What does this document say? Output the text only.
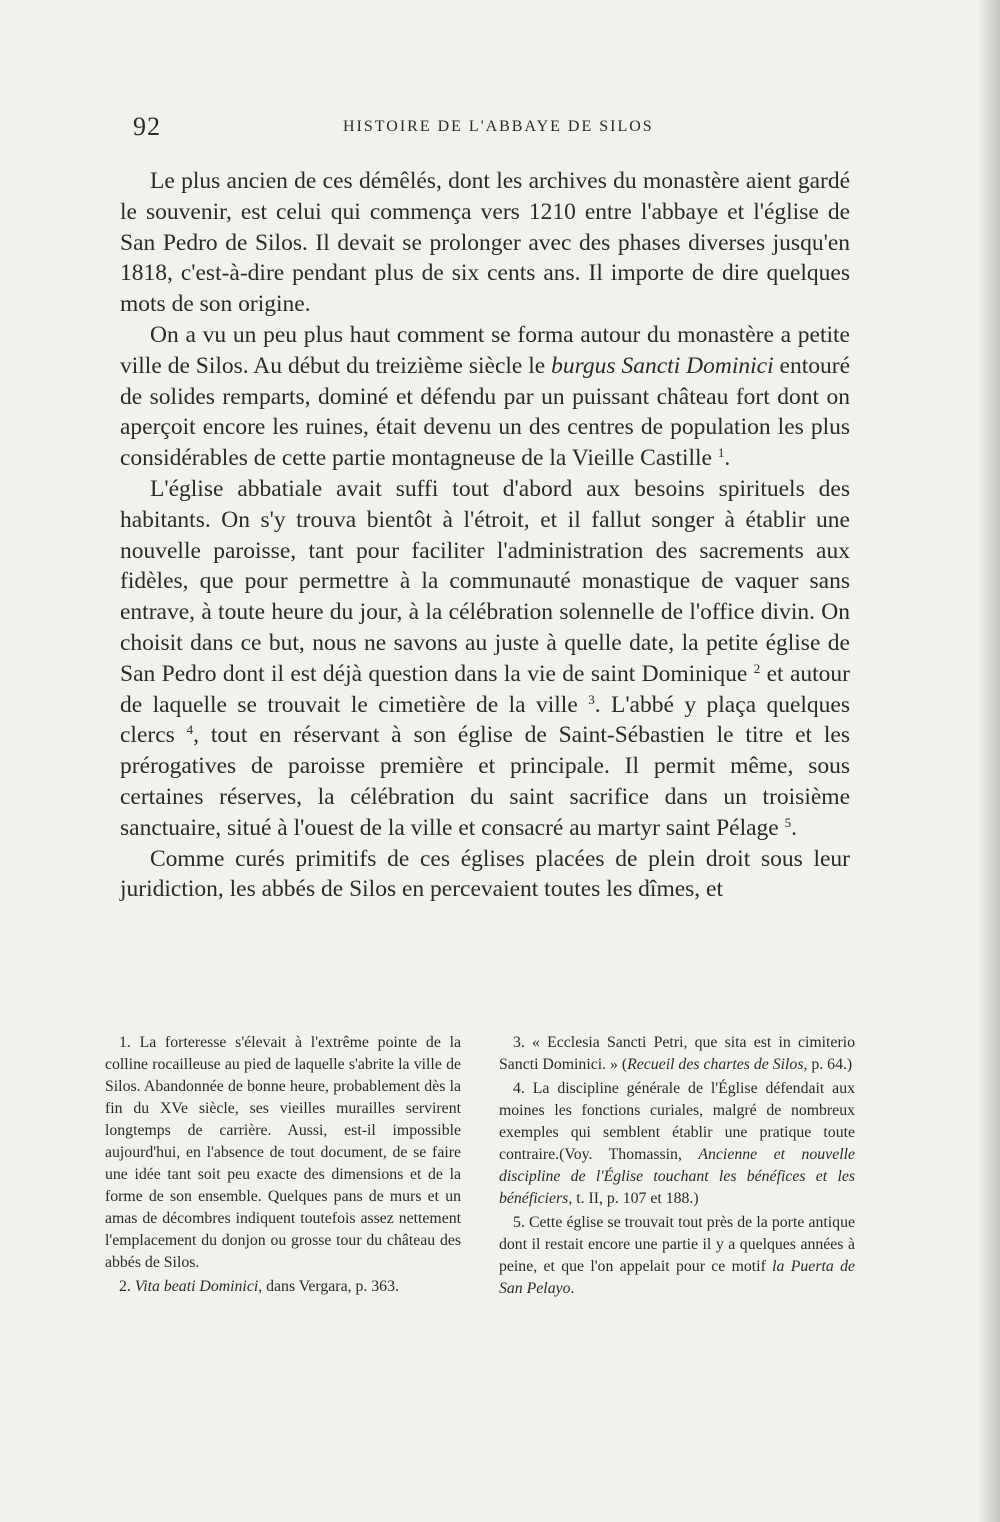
92	HISTOIRE DE L'ABBAYE DE SILOS

Le plus ancien de ces démêlés, dont les archives du monastère aient gardé le souvenir, est celui qui commença vers 1210 entre l'abbaye et l'église de San Pedro de Silos. Il devait se prolonger avec des phases diverses jusqu'en 1818, c'est-à-dire pendant plus de six cents ans. Il importe de dire quelques mots de son origine.

On a vu un peu plus haut comment se forma autour du monastère a petite ville de Silos. Au début du treizième siècle le burgus Sancti Dominici entouré de solides remparts, dominé et défendu par un puissant château fort dont on aperçoit encore les ruines, était devenu un des centres de population les plus considérables de cette partie montagneuse de la Vieille Castille $^1$.

L'église abbatiale avait suffi tout d'abord aux besoins spirituels des habitants. On s'y trouva bientôt à l'étroit, et il fallut songer à établir une nouvelle paroisse, tant pour faciliter l'administration des sacrements aux fidèles, que pour permettre à la communauté monastique de vaquer sans entrave, à toute heure du jour, à la célébration solennelle de l'office divin. On choisit dans ce but, nous ne savons au juste à quelle date, la petite église de San Pedro dont il est déjà question dans la vie de saint Dominique $^2$ et autour de laquelle se trouvait le cimetière de la ville $^3$. L'abbé y plaça quelques clercs $^4$, tout en réservant à son église de Saint-Sébastien le titre et les prérogatives de paroisse première et principale. Il permit même, sous certaines réserves, la célébration du saint sacrifice dans un troisième sanctuaire, situé à l'ouest de la ville et consacré au martyr saint Pélage $^5$.

Comme curés primitifs de ces églises placées de plein droit sous leur juridiction, les abbés de Silos en percevaient toutes les dîmes, et

1. La forteresse s'élevait à l'extrême pointe de la colline rocailleuse au pied de laquelle s'abrite la ville de Silos. Abandonnée de bonne heure, probablement dès la fin du XVe siècle, ses vieilles murailles servirent longtemps de carrière. Aussi, est-il impossible aujourd'hui, en l'absence de tout document, de se faire une idée tant soit peu exacte des dimensions et de la forme de son ensemble. Quelques pans de murs et un amas de décombres indiquent toutefois assez nettement l'emplacement du donjon ou grosse tour du château des abbés de Silos.

2. Vita beati Dominici, dans Vergara, p. 363.

3. « Ecclesia Sancti Petri, que sita est in cimiterio Sancti Dominici. » (Recueil des chartes de Silos, p. 64.)

4. La discipline générale de l'Église défendait aux moines les fonctions curiales, malgré de nombreux exemples qui semblent établir une pratique toute contraire.(Voy. Thomassin, Ancienne et nouvelle discipline de l'Église touchant les bénéfices et les bénéficiers, t. II, p. 107 et 188.)

5. Cette église se trouvait tout près de la porte antique dont il restait encore une partie il y a quelques années à peine, et que l'on appelait pour ce motif la Puerta de San Pelayo.
